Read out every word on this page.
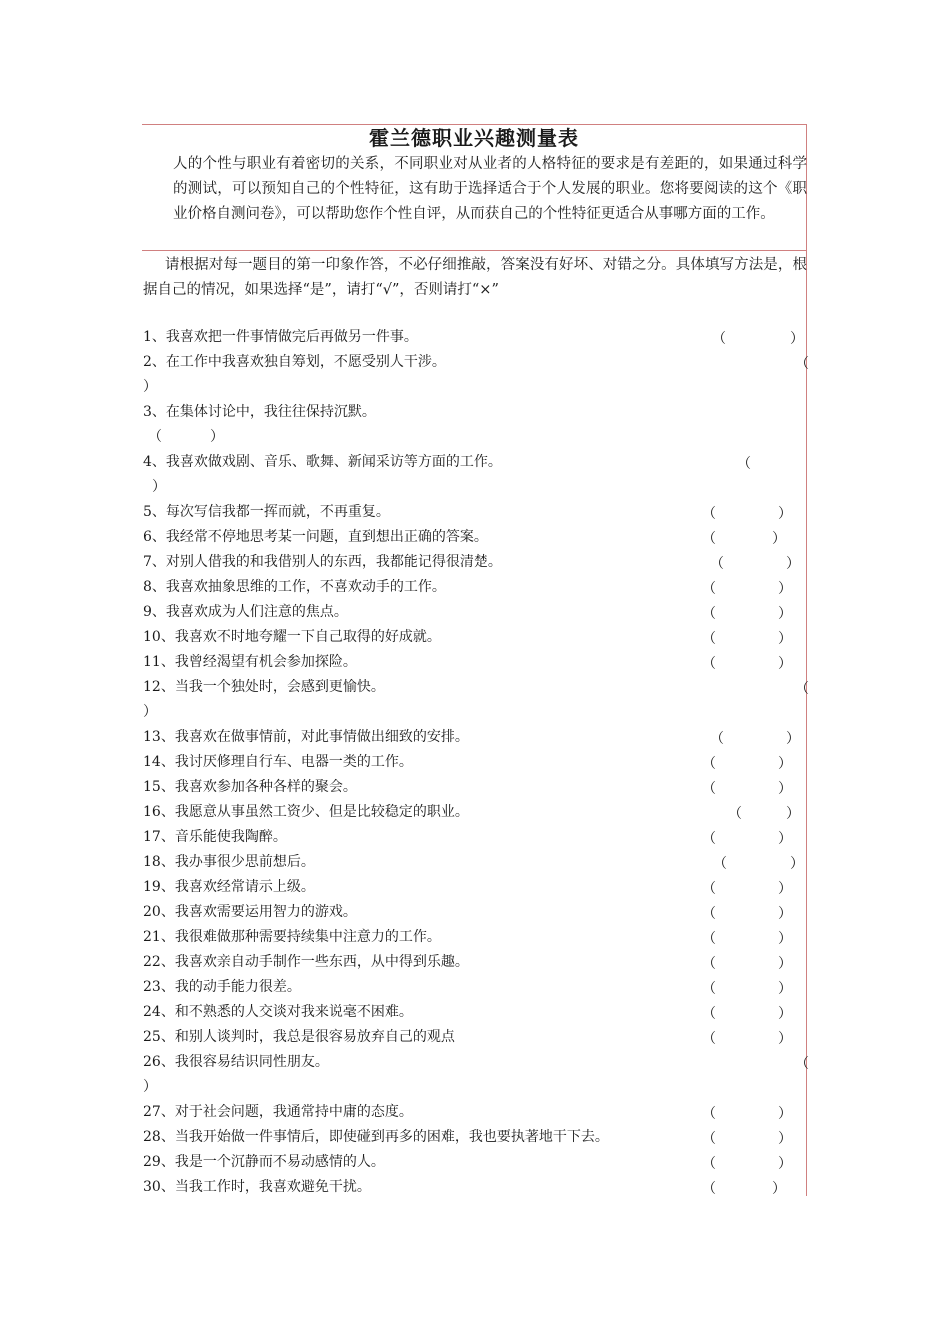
霍兰德职业兴趣测量表

人的个性与职业有着密切的关系，不同职业对从业者的人格特征的要求是有差距的，如果通过科学的测试，可以预知自己的个性特征，这有助于选择适合于个人发展的职业。您将要阅读的这个《职业价格自测问卷》，可以帮助您作个性自评，从而获自己的个性特征更适合从事哪方面的工作。

请根据对每一题目的第一印象作答，不必仔细推敲，答案没有好坏、对错之分。具体填写方法是，根据自己的情况，如果选择“是”，请打“√”，否则请打“×”

1、我喜欢把一件事情做完后再做另一件事。	（	）
2、在工作中我喜欢独自筹划，不愿受别人干涉。	（
）
3、在集体讨论中，我往往保持沉默。
（	）
4、我喜欢做戏剧、音乐、歌舞、新闻采访等方面的工作。	（
）
5、每次写信我都一挥而就，不再重复。	（	）
6、我经常不停地思考某一问题，直到想出正确的答案。	（	）
7、对别人借我的和我借别人的东西，我都能记得很清楚。	（	）
8、我喜欢抽象思维的工作，不喜欢动手的工作。	（	）
9、我喜欢成为人们注意的焦点。	（	）
10、我喜欢不时地夸耀一下自己取得的好成就。	（	）
11、我曾经渴望有机会参加探险。	（	）
12、当我一个独处时，会感到更愉快。	（
）
13、我喜欢在做事情前，对此事情做出细致的安排。	（	）
14、我讨厌修理自行车、电器一类的工作。	（	）
15、我喜欢参加各种各样的聚会。	（	）
16、我愿意从事虽然工资少、但是比较稳定的职业。	（	）
17、音乐能使我陶醉。	（	）
18、我办事很少思前想后。	（	）
19、我喜欢经常请示上级。	（	）
20、我喜欢需要运用智力的游戏。	（	）
21、我很难做那种需要持续集中注意力的工作。	（	）
22、我喜欢亲自动手制作一些东西，从中得到乐趣。	（	）
23、我的动手能力很差。	（	）
24、和不熟悉的人交谈对我来说毫不困难。	（	）
25、和别人谈判时，我总是很容易放弃自己的观点	（	）
26、我很容易结识同性朋友。	（
）
27、对于社会问题，我通常持中庸的态度。	（	）
28、当我开始做一件事情后，即使碰到再多的困难，我也要执著地干下去。	（	）
29、我是一个沉静而不易动感情的人。	（	）
30、当我工作时，我喜欢避免干扰。	（	）
